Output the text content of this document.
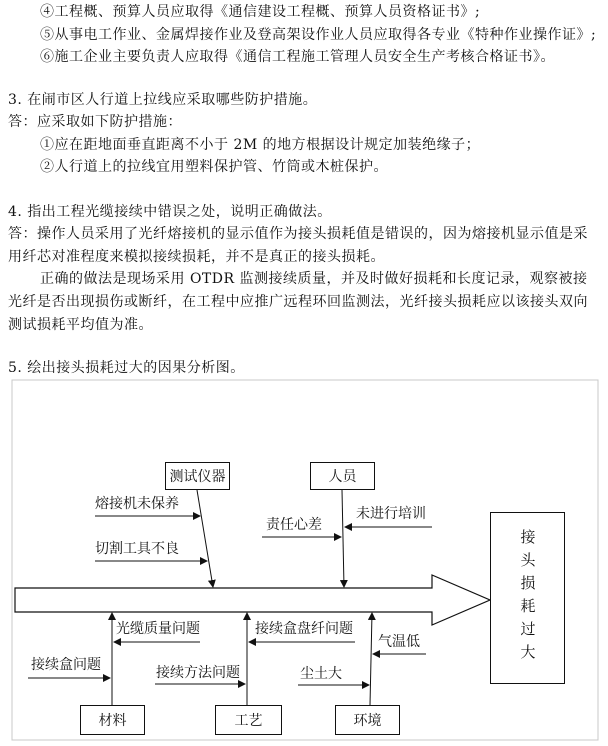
④工程概、预算人员应取得《通信建设工程概、预算人员资格证书》;
⑤从事电工作业、金属焊接作业及登高架设作业人员应取得各专业《特种作业操作证》;
⑥施工企业主要负责人应取得《通信工程施工管理人员安全生产考核合格证书》。
3. 在闹市区人行道上拉线应采取哪些防护措施。
答：应采取如下防护措施：
①应在距地面垂直距离不小于 2M 的地方根据设计规定加装绝缘子；
②人行道上的拉线宜用塑料保护管、竹筒或木桩保护。
4. 指出工程光缆接续中错误之处，说明正确做法。
答：操作人员采用了光纤熔接机的显示值作为接头损耗值是错误的，因为熔接机显示值是采
用纤芯对准程度来模拟接续损耗，并不是真正的接头损耗。
正确的做法是现场采用 OTDR 监测接续质量，并及时做好损耗和长度记录，观察被接
光纤是否出现损伤或断纤，在工程中应推广远程环回监测法，光纤接头损耗应以该接头双向
测试损耗平均值为准。
5. 绘出接头损耗过大的因果分析图。
测试仪器	人员
材料	工艺	环境
接头损耗过大
熔接机未保养
切割工具不良
责任心差
未进行培训
光缆质量问题
接续盒问题
接续盒盘纤问题
接续方法问题
气温低
尘土大
